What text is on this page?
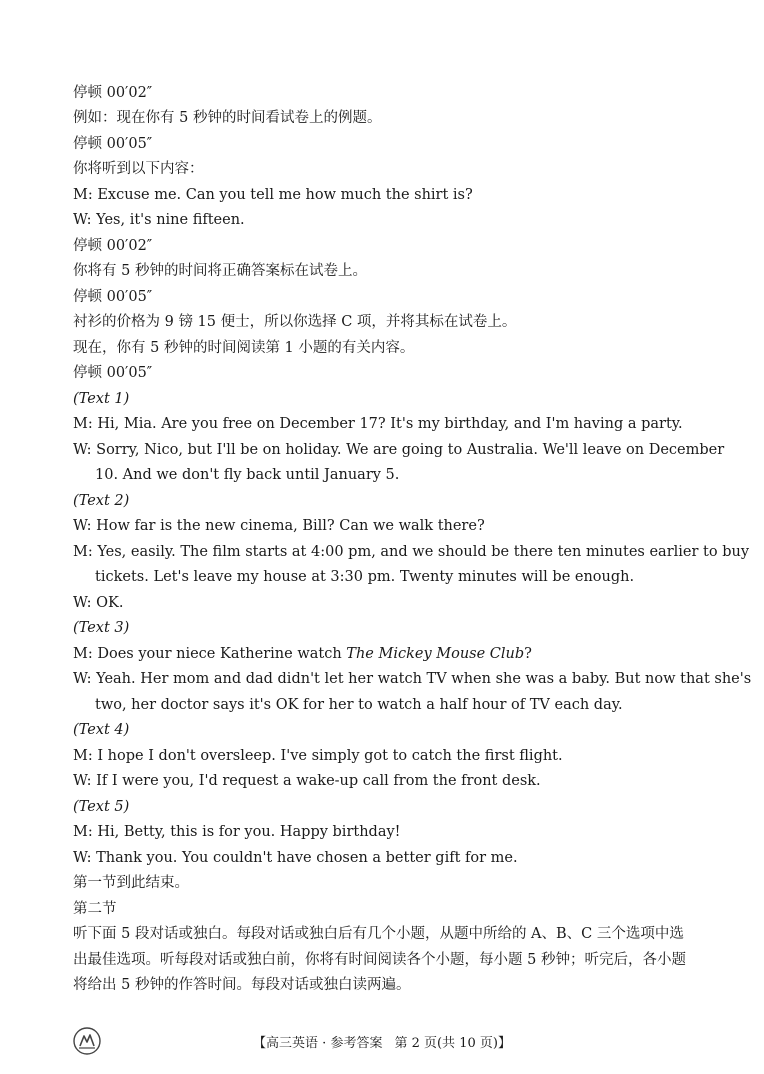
停顿 00′02″
例如：现在你有 5 秒钟的时间看试卷上的例题。
停顿 00′05″
你将听到以下内容：
M: Excuse me. Can you tell me how much the shirt is?
W: Yes, it's nine fifteen.
停顿 00′02″
你将有 5 秒钟的时间将正确答案标在试卷上。
停顿 00′05″
衬衫的价格为 9 镑 15 便士，所以你选择 C 项，并将其标在试卷上。
现在，你有 5 秒钟的时间阅读第 1 小题的有关内容。
停顿 00′05″
(Text 1)
M: Hi, Mia. Are you free on December 17? It's my birthday, and I'm having a party.
W: Sorry, Nico, but I'll be on holiday. We are going to Australia. We'll leave on December
10. And we don't fly back until January 5.
(Text 2)
W: How far is the new cinema, Bill? Can we walk there?
M: Yes, easily. The film starts at 4:00 pm, and we should be there ten minutes earlier to buy
tickets. Let's leave my house at 3:30 pm. Twenty minutes will be enough.
W: OK.
(Text 3)
M: Does your niece Katherine watch The Mickey Mouse Club?
W: Yeah. Her mom and dad didn't let her watch TV when she was a baby. But now that she's
two, her doctor says it's OK for her to watch a half hour of TV each day.
(Text 4)
M: I hope I don't oversleep. I've simply got to catch the first flight.
W: If I were you, I'd request a wake-up call from the front desk.
(Text 5)
M: Hi, Betty, this is for you. Happy birthday!
W: Thank you. You couldn't have chosen a better gift for me.
第一节到此结束。
第二节
听下面 5 段对话或独白。每段对话或独白后有几个小题，从题中所给的 A、B、C 三个选项中选
出最佳选项。听每段对话或独白前，你将有时间阅读各个小题，每小题 5 秒钟；听完后，各小题
将给出 5 秒钟的作答时间。每段对话或独白读两遍。
【高三英语 · 参考答案 第 2 页(共 10 页)】
